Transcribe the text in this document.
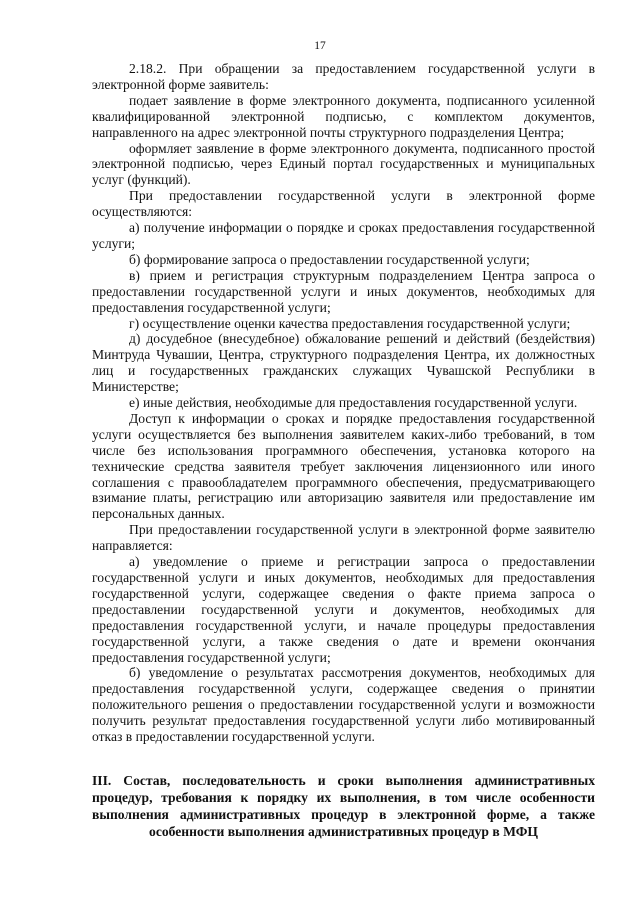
17

2.18.2. При обращении за предоставлением государственной услуги в электронной форме заявитель:

подает заявление в форме электронного документа, подписанного усиленной квалифицированной электронной подписью, с комплектом документов, направленного на адрес электронной почты структурного подразделения Центра;

оформляет заявление в форме электронного документа, подписанного простой электронной подписью, через Единый портал государственных и муниципальных услуг (функций).

При предоставлении государственной услуги в электронной форме осуществляются:

а) получение информации о порядке и сроках предоставления государственной услуги;

б) формирование запроса о предоставлении государственной услуги;

в) прием и регистрация структурным подразделением Центра запроса о предоставлении государственной услуги и иных документов, необходимых для предоставления государственной услуги;

г) осуществление оценки качества предоставления государственной услуги;

д) досудебное (внесудебное) обжалование решений и действий (бездействия) Минтруда Чувашии, Центра, структурного подразделения Центра, их должностных лиц и государственных гражданских служащих Чувашской Республики в Министерстве;

е) иные действия, необходимые для предоставления государственной услуги.

Доступ к информации о сроках и порядке предоставления государственной услуги осуществляется без выполнения заявителем каких-либо требований, в том числе без использования программного обеспечения, установка которого на технические средства заявителя требует заключения лицензионного или иного соглашения с правообладателем программного обеспечения, предусматривающего взимание платы, регистрацию или авторизацию заявителя или предоставление им персональных данных.

При предоставлении государственной услуги в электронной форме заявителю направляется:

а) уведомление о приеме и регистрации запроса о предоставлении государственной услуги и иных документов, необходимых для предоставления государственной услуги, содержащее сведения о факте приема запроса о предоставлении государственной услуги и документов, необходимых для предоставления государственной услуги, и начале процедуры предоставления государственной услуги, а также сведения о дате и времени окончания предоставления государственной услуги;

б) уведомление о результатах рассмотрения документов, необходимых для предоставления государственной услуги, содержащее сведения о принятии положительного решения о предоставлении государственной услуги и возможности получить результат предоставления государственной услуги либо мотивированный отказ в предоставлении государственной услуги.

III. Состав, последовательность и сроки выполнения административных процедур, требования к порядку их выполнения, в том числе особенности выполнения административных процедур в электронной форме, а также особенности выполнения административных процедур в МФЦ
